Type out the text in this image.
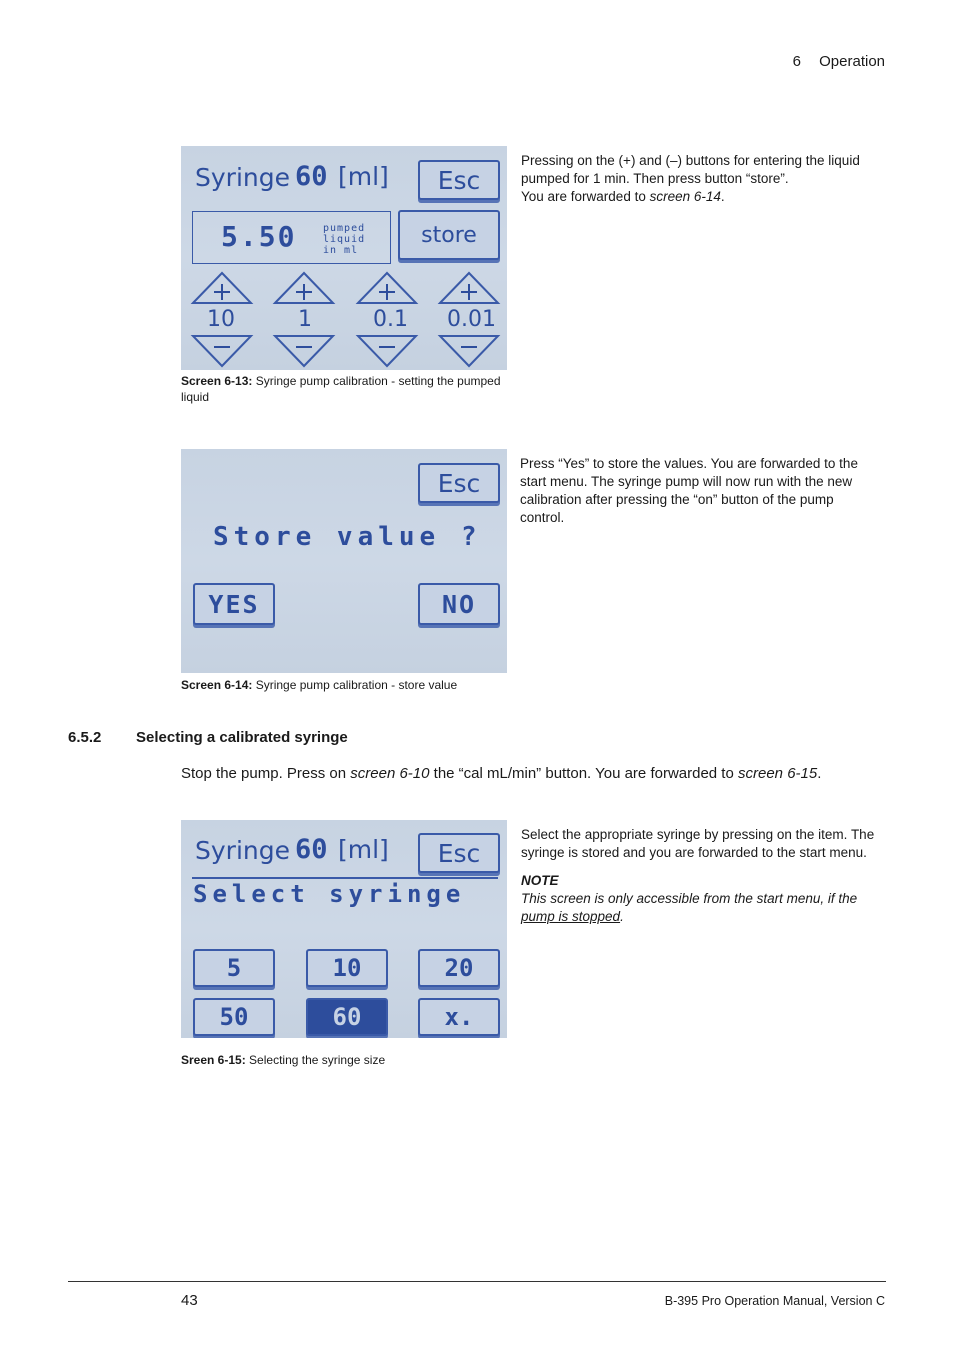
6 Operation
Syringe 60 [ml]	Esc
5.50	pumped
liquid
in ml
store
10	1	0.1 0.01
Screen 6-13: Syringe pump calibration - setting the pumped liquid
Pressing on the (+) and (–) buttons for entering the liquid pumped for 1 min. Then press button “store”.
You are forwarded to screen 6-14.
Esc
Store value ?
YES	NO
Screen 6-14: Syringe pump calibration - store value
Press “Yes” to store the values. You are forwarded to the start menu. The syringe pump will now run with the new calibration after pressing the “on” button of the pump control.
6.5.2 Selecting a calibrated syringe
Stop the pump. Press on screen 6-10 the “cal mL/min” button. You are forwarded to screen 6-15.
Syringe 60 [ml]	Esc
Select syringe
5	10	20
50	60	x.
Sreen 6-15: Selecting the syringe size
Select the appropriate syringe by pressing on the item. The syringe is stored and you are forwarded to the start menu.
NOTE
This screen is only accessible from the start menu, if the pump is stopped.
43	B-395 Pro Operation Manual, Version C
